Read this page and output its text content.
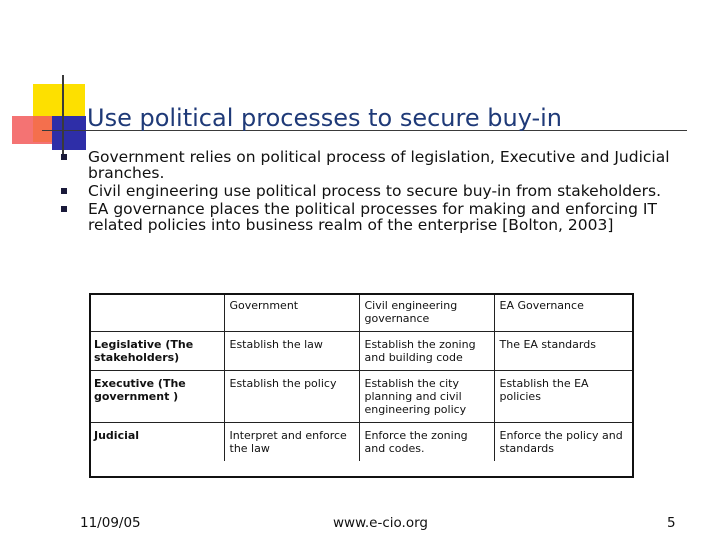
Use political processes to secure buy-in
Government relies on political process of legislation, Executive and Judicial branches.
Civil engineering use political process to secure buy-in from stakeholders.
EA governance places the political processes for making and enforcing IT related policies into business realm of the enterprise [Bolton, 2003]
	Government	Civil engineering governance	EA Governance
Legislative (The stakeholders)	Establish the law	Establish the zoning and building code	The EA standards
Executive (The government )	Establish the policy	Establish the city planning and civil engineering policy	Establish the EA policies
Judicial	Interpret and enforce the law	Enforce the zoning and codes.	Enforce the policy and standards
11/09/05	www.e-cio.org	5
